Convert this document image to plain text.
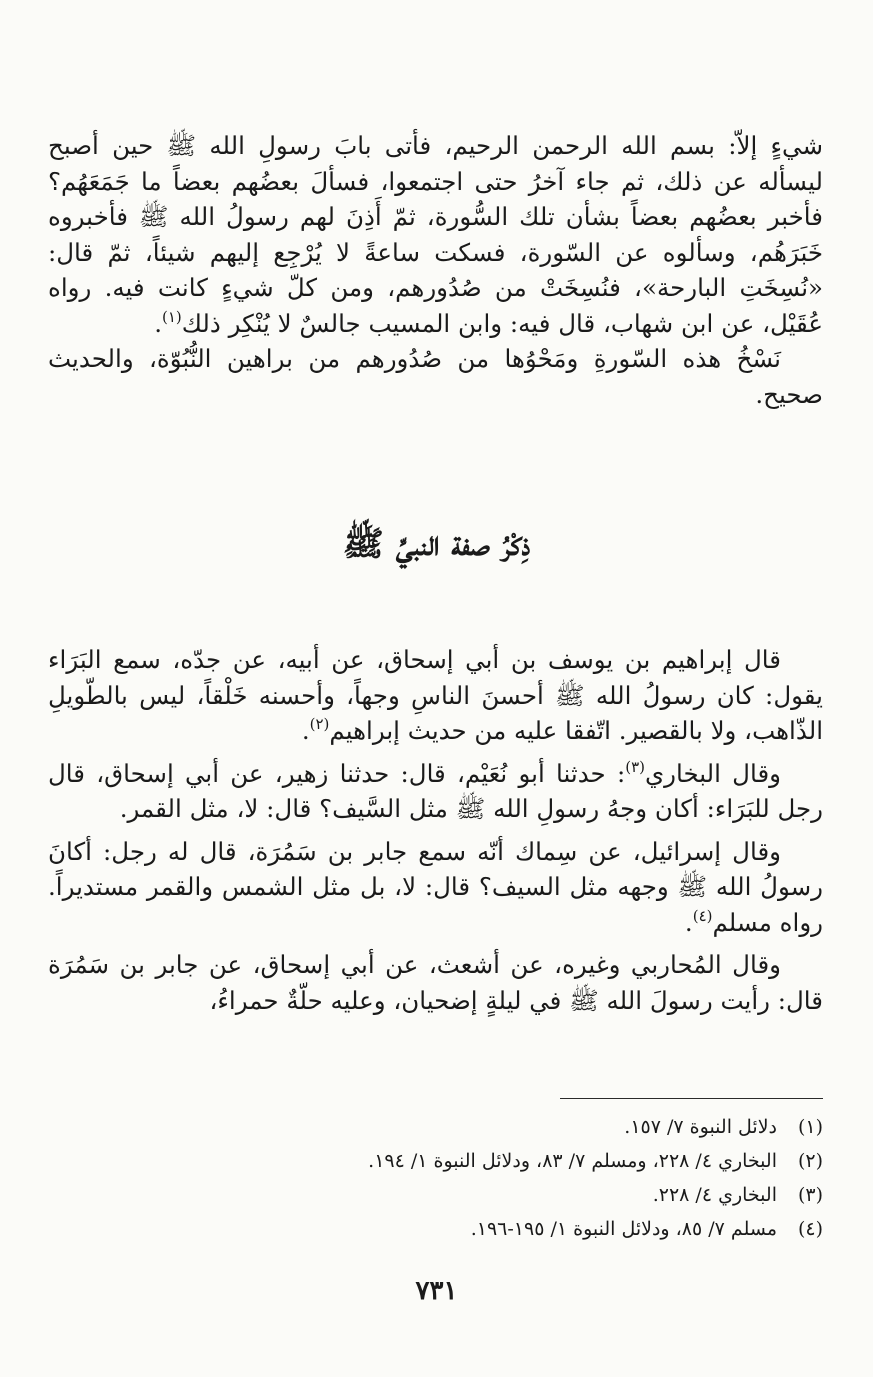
شيءٍ إلاّ: بسم الله الرحمن الرحيم، فأتى بابَ رسولِ الله ﷺ حين أصبح ليسأله عن ذلك، ثم جاء آخرُ حتى اجتمعوا، فسألَ بعضُهم بعضاً ما جَمَعَهُم؟ فأخبر بعضُهم بعضاً بشأن تلك السُّورة، ثمّ أَذِنَ لهم رسولُ الله ﷺ فأخبروه خَبَرَهُم، وسألوه عن السّورة، فسكت ساعةً لا يُرْجِع إليهم شيئاً، ثمّ قال: «نُسِخَتِ البارحة»، فنُسِخَتْ من صُدُورهم، ومن كلّ شيءٍ كانت فيه. رواه عُقَيْل، عن ابن شهاب، قال فيه: وابن المسيب جالسٌ لا يُنْكِر ذلك$^{(١)}$.

نَسْخُ هذه السّورةِ ومَحْوُها من صُدُورهم من براهين النُّبُوّة، والحديث صحيح.

ذِكْرُ صفة النبيِّ ﷺ

قال إبراهيم بن يوسف بن أبي إسحاق، عن أبيه، عن جدّه، سمع البَرَاء يقول: كان رسولُ الله ﷺ أحسنَ الناسِ وجهاً، وأحسنه خَلْقاً، ليس بالطّويلِ الذّاهب، ولا بالقصير. اتّفقا عليه من حديث إبراهيم$^{(٢)}$.

وقال البخاري$^{(٣)}$: حدثنا أبو نُعَيْم، قال: حدثنا زهير، عن أبي إسحاق، قال رجل للبَرَاء: أكان وجهُ رسولِ الله ﷺ مثل السَّيف؟ قال: لا، مثل القمر.

وقال إسرائيل، عن سِماك أنّه سمع جابر بن سَمُرَة، قال له رجل: أكانَ رسولُ الله ﷺ وجهه مثل السيف؟ قال: لا، بل مثل الشمس والقمر مستديراً. رواه مسلم$^{(٤)}$.

وقال المُحاربي وغيره، عن أشعث، عن أبي إسحاق، عن جابر بن سَمُرَة قال: رأيت رسولَ الله ﷺ في ليلةٍ إضحيان، وعليه حلّةٌ حمراءُ،

(١)
دلائل النبوة ٧/ ١٥٧.
(٢)
البخاري ٤/ ٢٢٨، ومسلم ٧/ ٨٣، ودلائل النبوة ١/ ١٩٤.
(٣)
البخاري ٤/ ٢٢٨.
(٤)
مسلم ٧/ ٨٥، ودلائل النبوة ١/ ١٩٥-١٩٦.
٧٣١
